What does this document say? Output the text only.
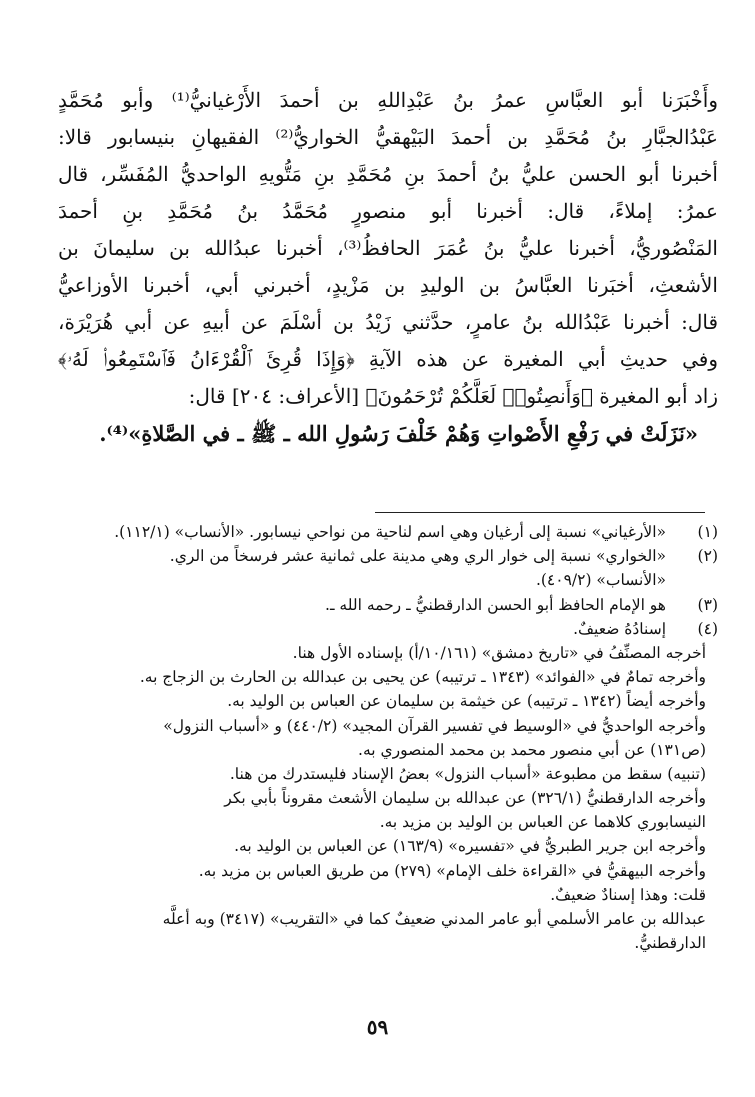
وأَخْبَرَنا أبو العبَّاسِ عمرُ بنُ عَبْدِاللهِ بن أحمدَ الأَرْغيانيُّ⁽¹⁾ وأبو مُحَمَّدٍ
عَبْدُالجبَّارِ بنُ مُحَمَّدِ بن أحمدَ البَيْهقيُّ الخواريُّ⁽²⁾ الفقيهانِ بنيسابور قالا:
أخبرنا أبو الحسن عليُّ بنُ أحمدَ بنِ مُحَمَّدِ بنِ مَتُّويهِ الواحديُّ المُفَسِّر، قال
عمرُ: إملاءً، قال: أخبرنا أبو منصورٍ مُحَمَّدُ بنُ مُحَمَّدِ بنِ أحمدَ
المَنْصُوريُّ، أخبرنا عليُّ بنُ عُمَرَ الحافظُ⁽³⁾، أخبرنا عبدُالله بن سليمانَ بن
الأشعثِ، أخبَرنا العبَّاسُ بن الوليدِ بن مَزْيدٍ، أخبرني أبي، أخبرنا الأوزاعيُّ
قال: أخبرنا عَبْدُالله بنُ عامرٍ، حدَّثني زَيْدُ بن أسْلَمَ عن أبيهِ عن أبي هُرَيْرَة،
وفي حديثِ أبي المغيرة عن هذه الآيةِ ﴿وَإِذَا قُرِئَ ٱلْقُرْءَانُ فَٱسْتَمِعُوا۟ لَهُۥ﴾
زاد أبو المغيرة ﴿وَأَنصِتُوا۟ لَعَلَّكُمْ تُرْحَمُونَ﴾ [الأعراف: ٢٠٤] قال:
«نَزَلَتْ في رَفْعِ الأَصْواتِ وَهُمْ خَلْفَ رَسُولِ الله ـ ﷺ ـ في الصَّلاةِ»⁽⁴⁾.
(١)
«الأرغياني» نسبة إلى أرغيان وهي اسم لناحية من نواحي نيسابور. «الأنساب» (١١٢/١).
(٢)
«الخواري» نسبة إلى خوار الري وهي مدينة على ثمانية عشر فرسخاً من الري.
«الأنساب» (٤٠٩/٢).
(٣)
هو الإمام الحافظ أبو الحسن الدارقطنيُّ ـ رحمه الله ـ.
(٤)
إسنادُهُ ضعيفٌ.
أخرجه المصنِّفُ في «تاريخ دمشق» (١٠/١٦١/أ) بإسناده الأول هنا.
وأخرجه تمامٌ في «الفوائد» (١٣٤٣ ـ ترتيبه) عن يحيى بن عبدالله بن الحارث بن الزجاج به.
وأخرجه أيضاً (١٣٤٢ ـ ترتيبه) عن خيثمة بن سليمان عن العباس بن الوليد به.
وأخرجه الواحديُّ في «الوسيط في تفسير القرآن المجيد» (٤٤٠/٢) و «أسباب النزول»
(ص١٣١) عن أبي منصور محمد بن محمد المنصوري به.
(تنبيه) سقط من مطبوعة «أسباب النزول» بعضُ الإسناد فليستدرك من هنا.
وأخرجه الدارقطنيُّ (٣٢٦/١) عن عبدالله بن سليمان الأشعث مقروناً بأبي بكر
النيسابوري كلاهما عن العباس بن الوليد بن مزيد به.
وأخرجه ابن جرير الطبريُّ في «تفسيره» (١٦٣/٩) عن العباس بن الوليد به.
وأخرجه البيهقيُّ في «القراءة خلف الإمام» (٢٧٩) من طريق العباس بن مزيد به.
قلت: وهذا إسنادٌ ضعيفٌ.
عبدالله بن عامر الأسلمي أبو عامر المدني ضعيفٌ كما في «التقريب» (٣٤١٧) وبه أعلَّه
الدارقطنيُّ.
٥٩
